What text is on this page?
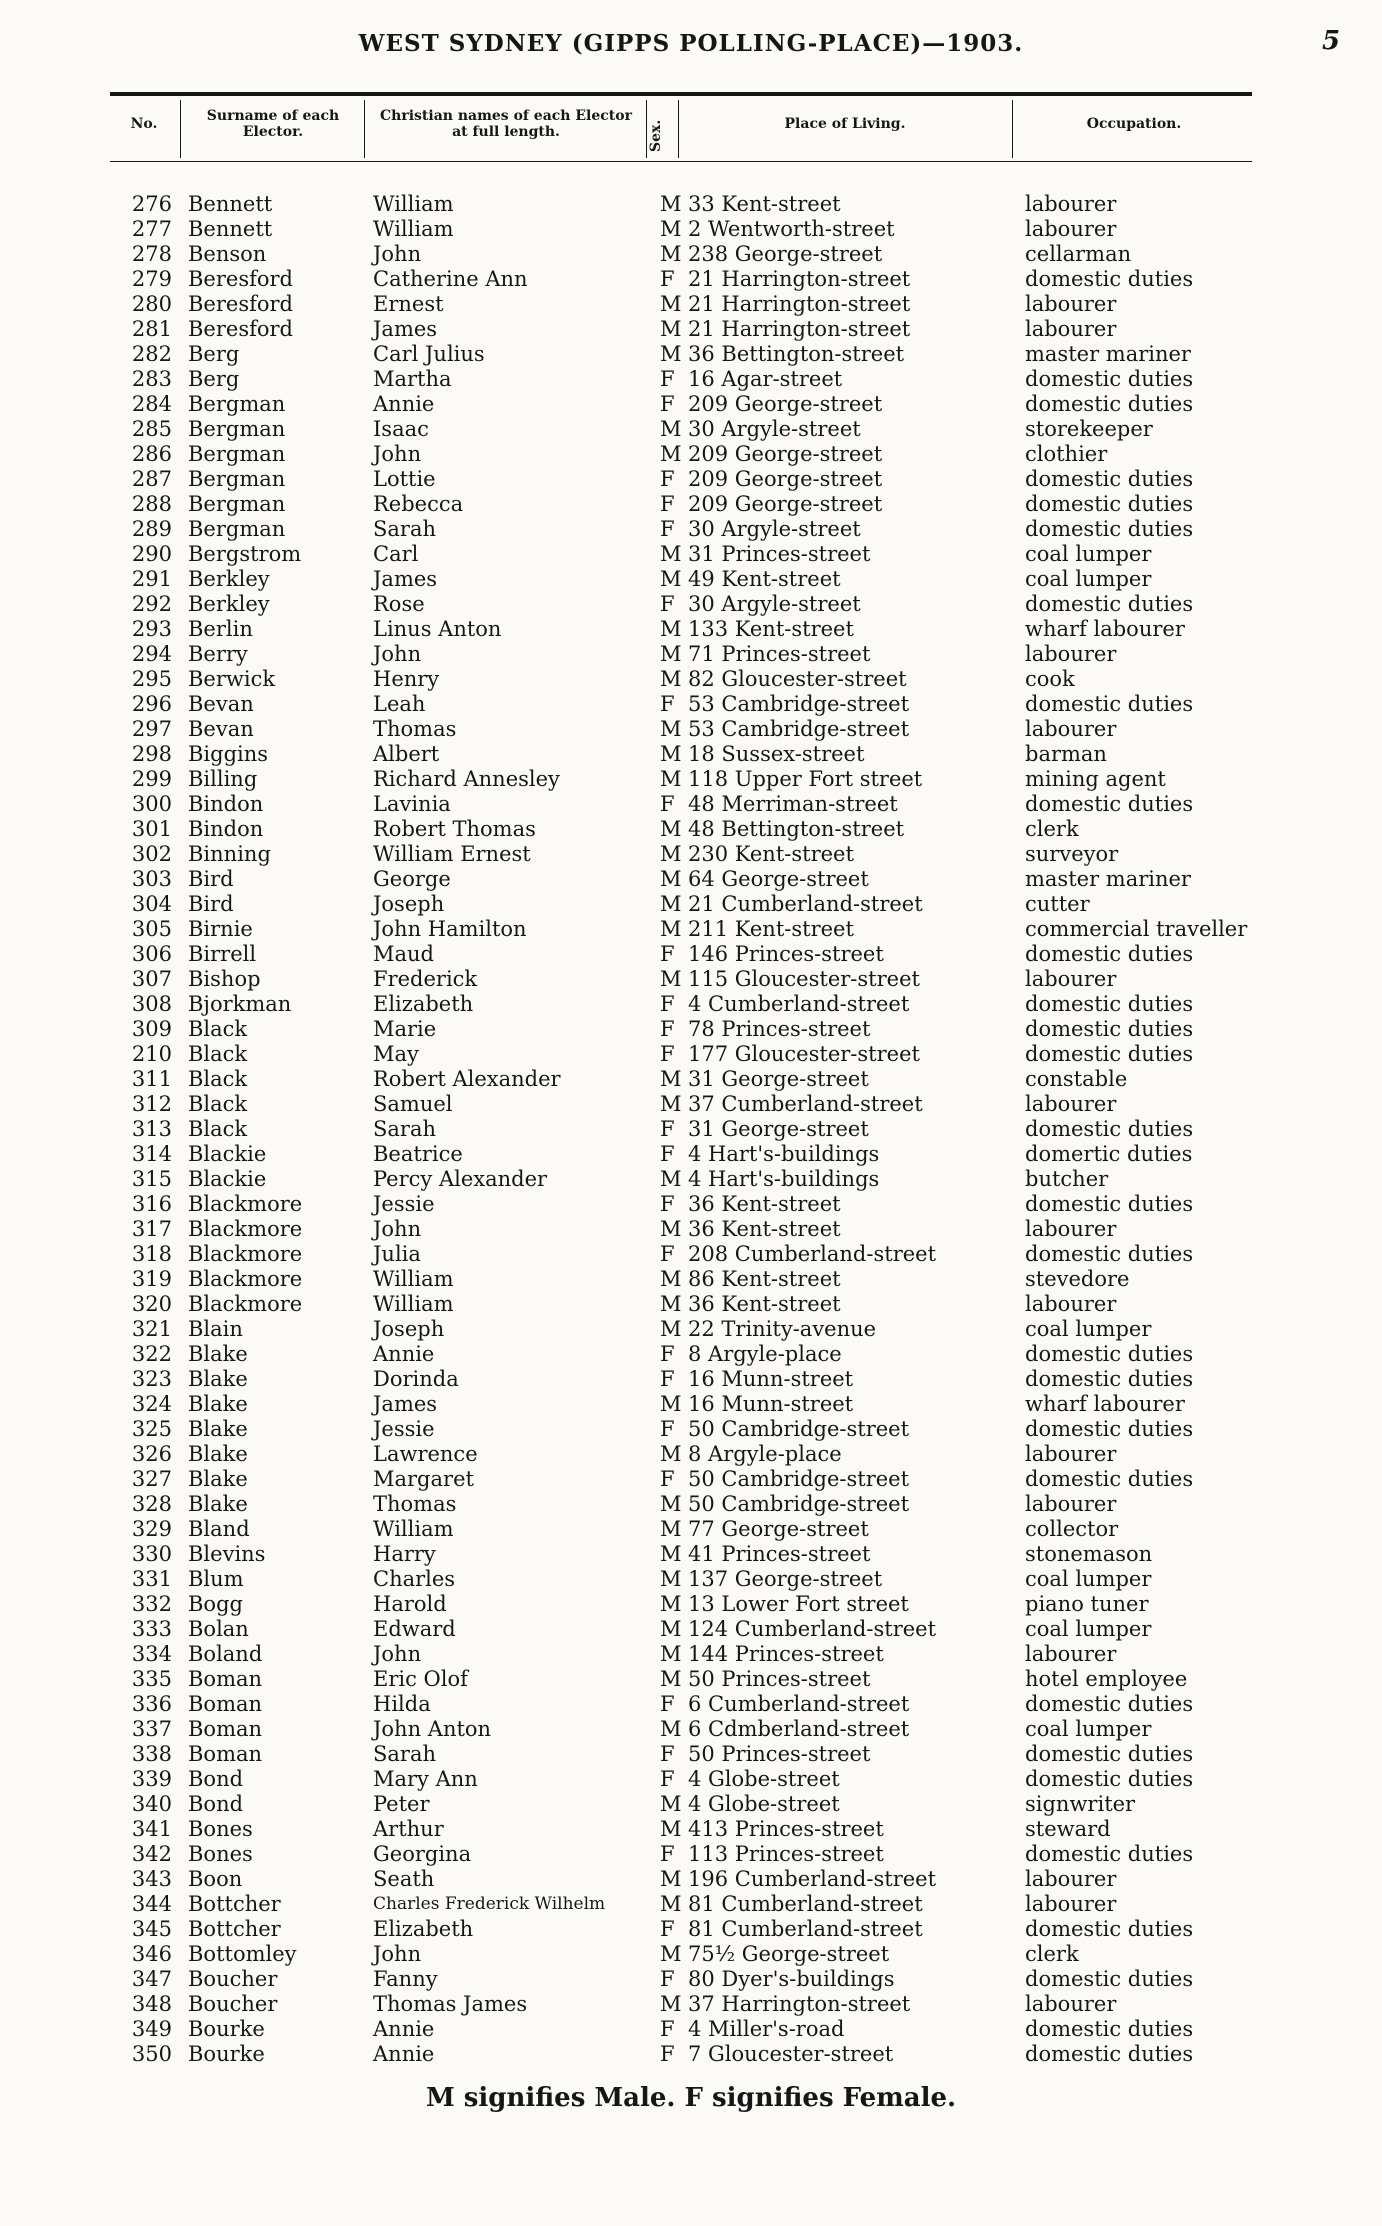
WEST SYDNEY (GIPPS POLLING-PLACE)—1903.	5
No.	Surname of each Elector.
Christian names of each Elector at full length.	Sex.	Place of Living.	Occupation.
276 Bennett	William	M 33 Kent-street	labourer
277 Bennett	William	M 2 Wentworth-street	labourer
278 Benson	John	M 238 George-street	cellarman
279 Beresford	Catherine Ann	F 21 Harrington-street	domestic duties
280 Beresford	Ernest	M 21 Harrington-street	labourer
281 Beresford	James	M 21 Harrington-street	labourer
282 Berg	Carl Julius	M 36 Bettington-street	master mariner
283 Berg	Martha	F 16 Agar-street	domestic duties
284 Bergman	Annie	F 209 George-street	domestic duties
285 Bergman	Isaac	M 30 Argyle-street	storekeeper
286 Bergman	John	M 209 George-street	clothier
287 Bergman	Lottie	F 209 George-street	domestic duties
288 Bergman	Rebecca	F 209 George-street	domestic duties
289 Bergman	Sarah	F 30 Argyle-street	domestic duties
290 Bergstrom	Carl	M 31 Princes-street	coal lumper
291 Berkley	James	M 49 Kent-street	coal lumper
292 Berkley	Rose	F 30 Argyle-street	domestic duties
293 Berlin	Linus Anton	M 133 Kent-street	wharf labourer
294 Berry	John	M 71 Princes-street	labourer
295 Berwick	Henry	M 82 Gloucester-street	cook
296 Bevan	Leah	F 53 Cambridge-street	domestic duties
297 Bevan	Thomas	M 53 Cambridge-street	labourer
298 Biggins	Albert	M 18 Sussex-street	barman
299 Billing	Richard Annesley	M 118 Upper Fort street	mining agent
300 Bindon	Lavinia	F 48 Merriman-street	domestic duties
301 Bindon	Robert Thomas	M 48 Bettington-street	clerk
302 Binning	William Ernest	M 230 Kent-street	surveyor
303 Bird	George	M 64 George-street	master mariner
304 Bird	Joseph	M 21 Cumberland-street	cutter
305 Birnie	John Hamilton	M 211 Kent-street	commercial traveller
306 Birrell	Maud	F 146 Princes-street	domestic duties
307 Bishop	Frederick	M 115 Gloucester-street	labourer
308 Bjorkman	Elizabeth	F 4 Cumberland-street	domestic duties
309 Black	Marie	F 78 Princes-street	domestic duties
210 Black	May	F 177 Gloucester-street	domestic duties
311 Black	Robert Alexander	M 31 George-street	constable
312 Black	Samuel	M 37 Cumberland-street	labourer
313 Black	Sarah	F 31 George-street	domestic duties
314 Blackie	Beatrice	F 4 Hart's-buildings	domertic duties
315 Blackie	Percy Alexander	M 4 Hart's-buildings	butcher
316 Blackmore	Jessie	F 36 Kent-street	domestic duties
317 Blackmore	John	M 36 Kent-street	labourer
318 Blackmore	Julia	F 208 Cumberland-street	domestic duties
319 Blackmore	William	M 86 Kent-street	stevedore
320 Blackmore	William	M 36 Kent-street	labourer
321 Blain	Joseph	M 22 Trinity-avenue	coal lumper
322 Blake	Annie	F 8 Argyle-place	domestic duties
323 Blake	Dorinda	F 16 Munn-street	domestic duties
324 Blake	James	M 16 Munn-street	wharf labourer
325 Blake	Jessie	F 50 Cambridge-street	domestic duties
326 Blake	Lawrence	M 8 Argyle-place	labourer
327 Blake	Margaret	F 50 Cambridge-street	domestic duties
328 Blake	Thomas	M 50 Cambridge-street	labourer
329 Bland	William	M 77 George-street	collector
330 Blevins	Harry	M 41 Princes-street	stonemason
331 Blum	Charles	M 137 George-street	coal lumper
332 Bogg	Harold	M 13 Lower Fort street	piano tuner
333 Bolan	Edward	M 124 Cumberland-street	coal lumper
334 Boland	John	M 144 Princes-street	labourer
335 Boman	Eric Olof	M 50 Princes-street	hotel employee
336 Boman	Hilda	F 6 Cumberland-street	domestic duties
337 Boman	John Anton	M 6 Cdmberland-street	coal lumper
338 Boman	Sarah	F 50 Princes-street	domestic duties
339 Bond	Mary Ann	F 4 Globe-street	domestic duties
340 Bond	Peter	M 4 Globe-street	signwriter
341 Bones	Arthur	M 413 Princes-street	steward
342 Bones	Georgina	F 113 Princes-street	domestic duties
343 Boon	Seath	M 196 Cumberland-street	labourer
344 Bottcher	Charles Frederick Wilhelm	M 81 Cumberland-street	labourer
345 Bottcher	Elizabeth	F 81 Cumberland-street	domestic duties
346 Bottomley	John	M 75½ George-street	clerk
347 Boucher	Fanny	F 80 Dyer's-buildings	domestic duties
348 Boucher	Thomas James	M 37 Harrington-street	labourer
349 Bourke	Annie	F 4 Miller's-road	domestic duties
350 Bourke	Annie	F 7 Gloucester-street	domestic duties
M signifies Male. F signifies Female.
